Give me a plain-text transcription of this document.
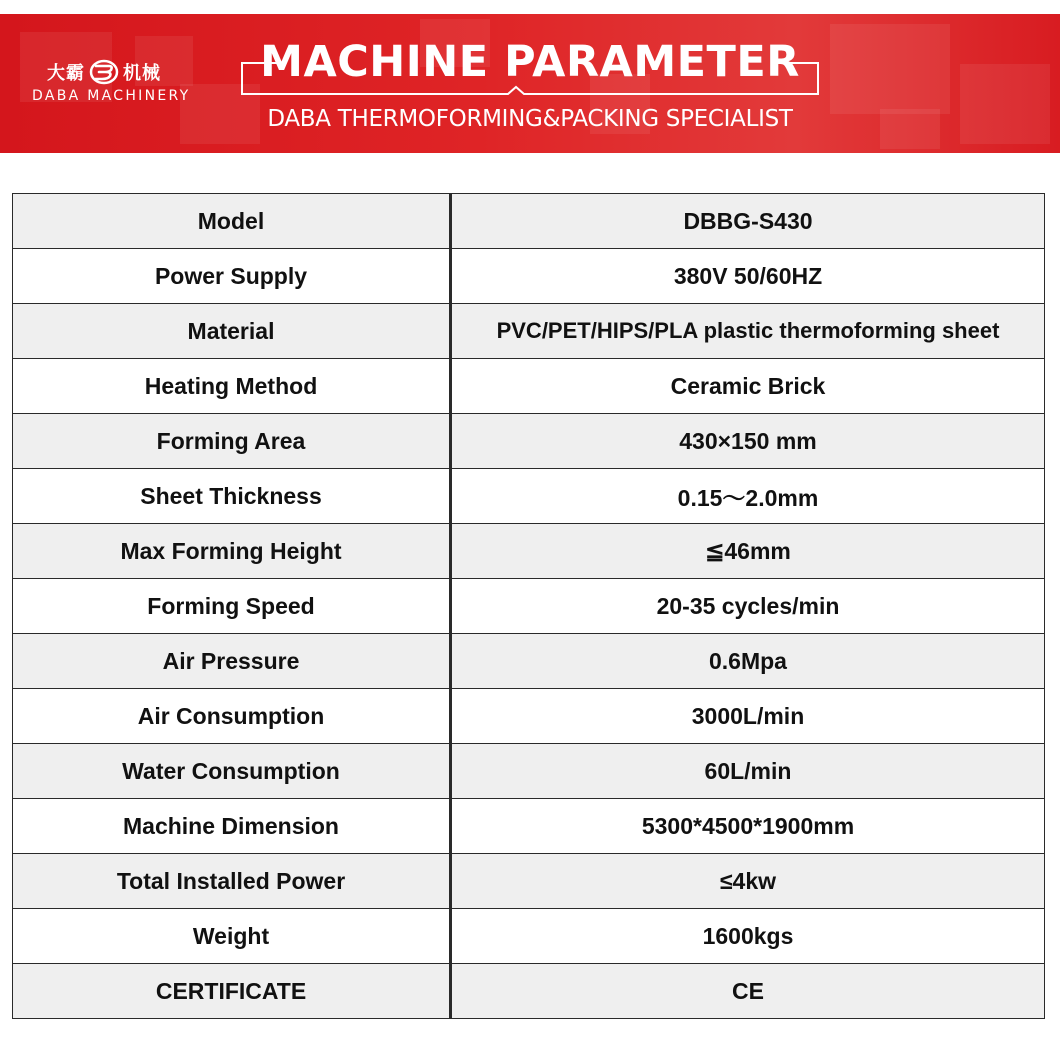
大霸 机械
DABA MACHINERY
MACHINE PARAMETER
DABA THERMOFORMING&PACKING SPECIALIST
Model	DBBG-S430
Power Supply	380V 50/60HZ
Material	PVC/PET/HIPS/PLA plastic thermoforming sheet
Heating Method	Ceramic Brick
Forming Area	430×150 mm
Sheet Thickness	0.15～2.0mm
Max Forming Height	≦46mm
Forming Speed	20-35 cycles/min
Air Pressure	0.6Mpa
Air Consumption	3000L/min
Water Consumption	60L/min
Machine Dimension	5300*4500*1900mm
Total Installed Power	≤4kw
Weight	1600kgs
CERTIFICATE	CE
